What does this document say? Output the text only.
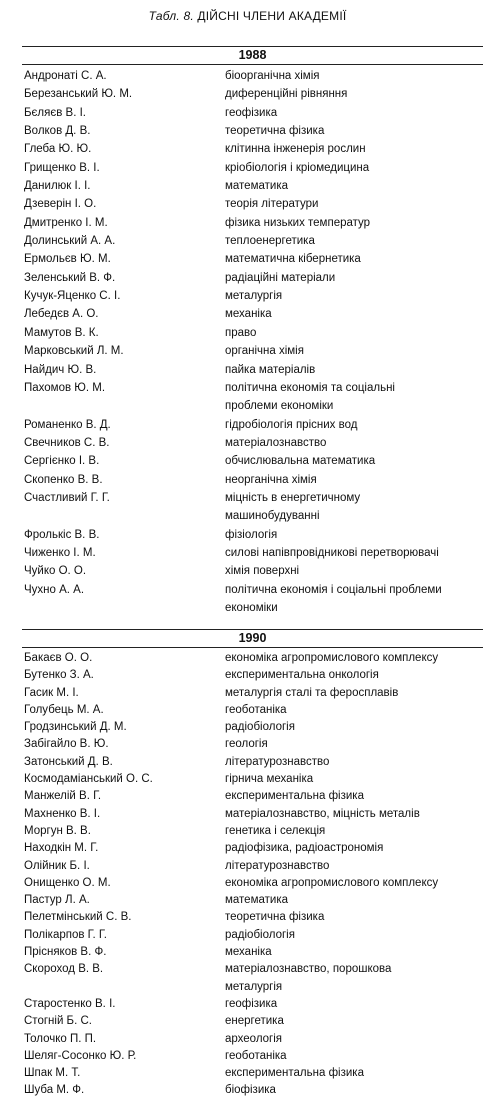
Табл. 8. ДІЙСНІ ЧЛЕНИ АКАДЕМІЇ
1988
Андронаті С. А.	біоорганічна хімія
Березанський Ю. М.	диференційні рівняння
Бєляєв В. І.	геофізика
Волков Д. В.	теоретична фізика
Глеба Ю. Ю.	клітинна інженерія рослин
Грищенко В. І.	кріобіологія і кріомедицина
Данилюк І. І.	математика
Дзеверін І. О.	теорія літератури
Дмитренко І. М.	фізика низьких температур
Долинський А. А.	теплоенергетика
Ермольєв Ю. М.	математична кібернетика
Зеленський В. Ф.	радіаційні матеріали
Кучук-Яценко С. І.	металургія
Лебедєв А. О.	механіка
Мамутов В. К.	право
Марковський Л. М.	органічна хімія
Найдич Ю. В.	пайка матеріалів
Пахомов Ю. М.	політична економія та соціальні
проблеми економіки
Романенко В. Д.	гідробіологія прісних вод
Свечников С. В.	матеріалознавство
Сергієнко І. В.	обчислювальна математика
Скопенко В. В.	неорганічна хімія
Счастливий Г. Г.	міцність в енергетичному
машинобудуванні
Фролькіс В. В.	фізіологія
Чиженко І. М.	силові напівпровідникові перетворювачі
Чуйко О. О.	хімія поверхні
Чухно А. А.	політична економія і соціальні проблеми
економіки
1990
Бакаєв О. О.	економіка агропромислового комплексу
Бутенко З. А.	експериментальна онкологія
Гасик М. І.	металургія сталі та феросплавів
Голубець М. А.	геоботаніка
Гродзинський Д. М.	радіобіологія
Забігайло В. Ю.	геологія
Затонський Д. В.	літературознавство
Космодаміанський О. С.	гірнича механіка
Манжелій В. Г.	експериментальна фізика
Махненко В. І.	матеріалознавство, міцність металів
Моргун В. В.	генетика і селекція
Находкін М. Г.	радіофізика, радіоастрономія
Олійник Б. І.	літературознавство
Онищенко О. М.	економіка агропромислового комплексу
Пастур Л. А.	математика
Пелетмінський С. В.	теоретична фізика
Полікарпов Г. Г.	радіобіологія
Прісняков В. Ф.	механіка
Скороход В. В.	матеріалознавство, порошкова
металургія
Старостенко В. І.	геофізика
Стогній Б. С.	енергетика
Толочко П. П.	археологія
Шеляг-Сосонко Ю. Р.	геоботаніка
Шпак М. Т.	експериментальна фізика
Шуба М. Ф.	біофізика
